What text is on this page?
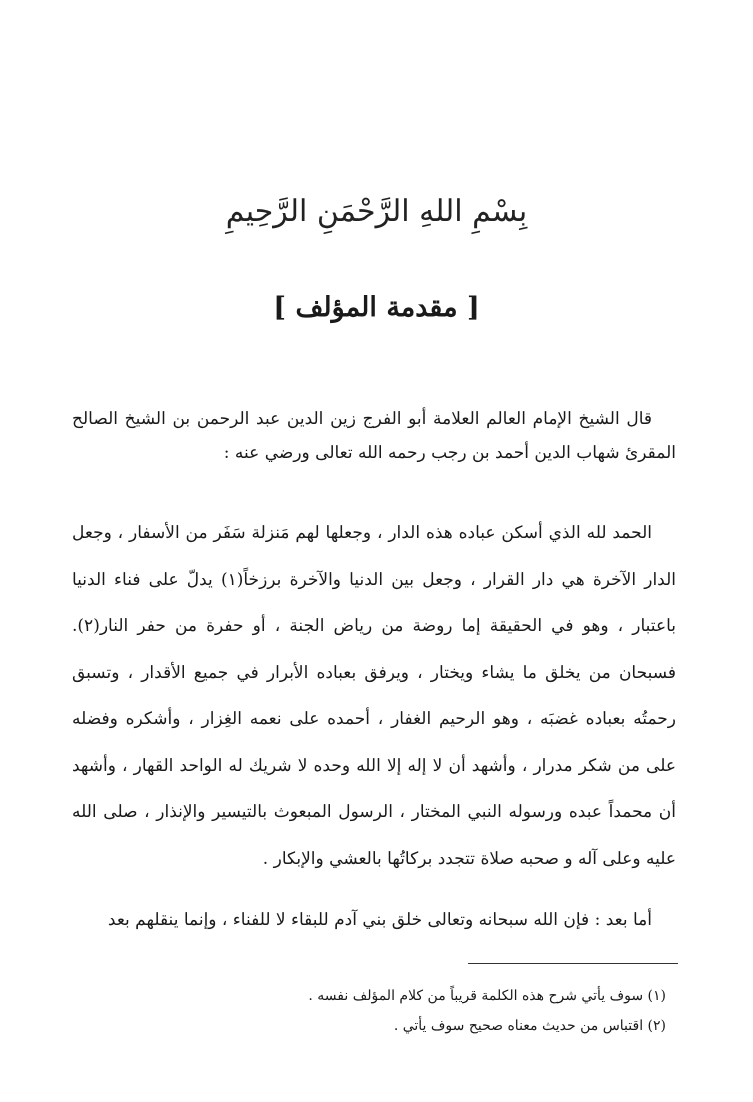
بِسْمِ اللهِ الرَّحْمَنِ الرَّحِيمِ
[ مقدمة المؤلف ]

قال الشيخ الإمام العالم العلامة أبو الفرج زين الدين عبد الرحمن بن الشيخ الصالح المقرئ شهاب الدين أحمد بن رجب رحمه الله تعالى ورضي عنه :

الحمد لله الذي أسكن عباده هذه الدار ، وجعلها لهم مَنزلة سَفَر من الأسفار ، وجعل الدار الآخرة هي دار القرار ، وجعل بين الدنيا والآخرة برزخاً(١) يدلّ على فناء الدنيا باعتبار ، وهو في الحقيقة إما روضة من رياض الجنة ، أو حفرة من حفر النار(٢). فسبحان من يخلق ما يشاء ويختار ، ويرفق بعباده الأبرار في جميع الأقدار ، وتسبق رحمتُه بعباده غضبَه ، وهو الرحيم الغفار ، أحمده على نعمه الغِزار ، وأشكره وفضله على من شكر مدرار ، وأشهد أن لا إله إلا الله وحده لا شريك له الواحد القهار ، وأشهد أن محمداً عبده ورسوله النبي المختار ، الرسول المبعوث بالتيسير والإنذار ، صلى الله عليه وعلى آله و صحبه صلاة تتجدد بركاتُها بالعشي والإبكار .

أما بعد : فإن الله سبحانه وتعالى خلق بني آدم للبقاء لا للفناء ، وإنما ينقلهم بعد

(١) سوف يأتي شرح هذه الكلمة قريباً من كلام المؤلف نفسه .
(٢) اقتباس من حديث معناه صحيح سوف يأتي .
